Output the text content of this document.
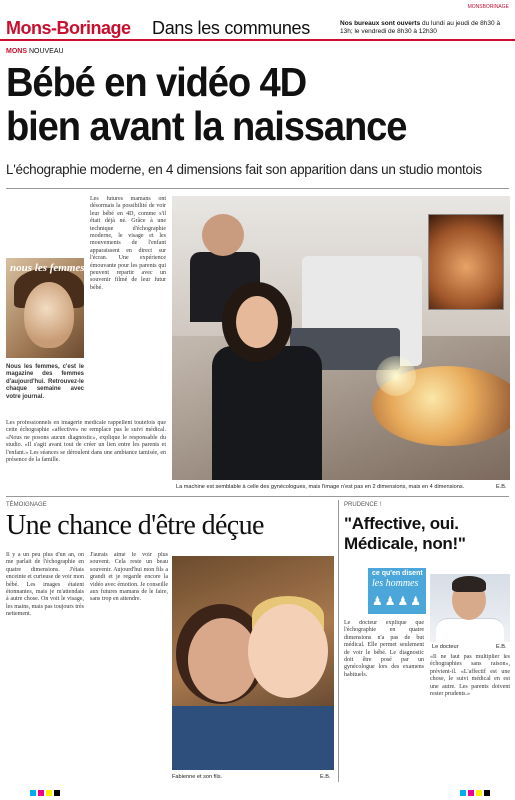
MONSBORINAGE
Mons-Borinage Dans les communes	Nos bureaux sont ouverts du lundi au jeudi de 8h30 à 13h; le vendredi de 8h30 à 12h30
MONS NOUVEAU
Bébé en vidéo 4D
bien avant la naissance
L'échographie moderne, en 4 dimensions fait son apparition dans un studio montois
nous les femmes
Nous les femmes, c'est le magazine des femmes d'aujourd'hui. Retrouvez-le chaque semaine avec votre journal.
Les futures mamans ont désormais la possibilité de voir leur bébé en 4D, comme s'il était déjà né. Grâce à une technique d'échographie moderne, le visage et les mouvements de l'enfant apparaissent en direct sur l'écran. Une expérience émouvante pour les parents qui peuvent repartir avec un souvenir filmé de leur futur bébé.
La machine est semblable à celle des gynécologues, mais l'image n'est pas en 2 dimensions, mais en 4 dimensions.	E.B.
Les professionnels en imagerie médicale rappellent toutefois que cette échographie «affective» ne remplace pas le suivi médical. «Nous ne posons aucun diagnostic», explique le responsable du studio. «Il s'agit avant tout de créer un lien entre les parents et l'enfant.» Les séances se déroulent dans une ambiance tamisée, en présence de la famille.
TÉMOIGNAGE
Une chance d'être déçue
Il y a un peu plus d'un an, on me parlait de l'échographie en quatre dimensions. J'étais enceinte et curieuse de voir mon bébé. Les images étaient étonnantes, mais je m'attendais à autre chose. On voit le visage, les mains, mais pas toujours très nettement.
J'aurais aimé le voir plus souvent. Cela reste un beau souvenir. Aujourd'hui mon fils a grandi et je regarde encore la vidéo avec émotion. Je conseille aux futures mamans de le faire, sans trop en attendre.
Fabienne et son fils.	E.B.
PRUDENCE !
"Affective, oui. Médicale, non!"
ce qu'en disent
les hommes
♟♟♟♟
Le docteur	E.B.
Le docteur explique que l'échographie en quatre dimensions n'a pas de but médical. Elle permet seulement de voir le bébé. Le diagnostic doit être posé par un gynécologue lors des examens habituels.
«Il ne faut pas multiplier les échographies sans raison», prévient-il. «L'affectif est une chose, le suivi médical en est une autre. Les parents doivent rester prudents.»
